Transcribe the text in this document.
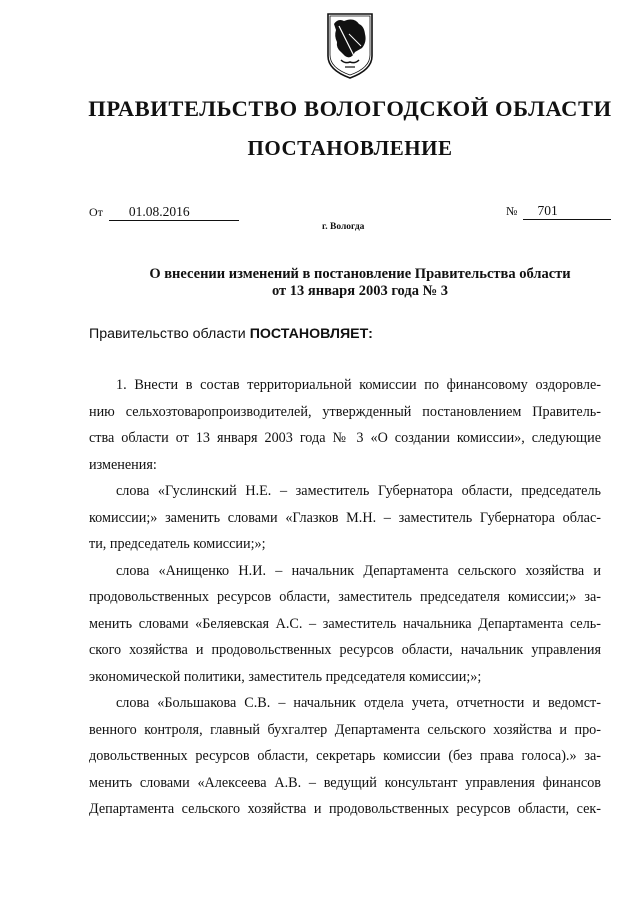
ПРАВИТЕЛЬСТВО ВОЛОГОДСКОЙ ОБЛАСТИ
ПОСТАНОВЛЕНИЕ
От 01.08.2016	№ 701
г. Вологда
О внесении изменений в постановление Правительства области
от 13 января 2003 года № 3
Правительство области ПОСТАНОВЛЯЕТ:
1. Внести в состав территориальной комиссии по финансовому оздоровле-
нию сельхозтоваропроизводителей, утвержденный постановлением Правитель-
ства области от 13 января 2003 года № 3 «О создании комиссии», следующие
изменения:
слова «Гуслинский Н.Е. – заместитель Губернатора области, председатель
комиссии;» заменить словами «Глазков М.Н. – заместитель Губернатора облас-
ти, председатель комиссии;»;
слова «Анищенко Н.И. – начальник Департамента сельского хозяйства и
продовольственных ресурсов области, заместитель председателя комиссии;» за-
менить словами «Беляевская А.С. – заместитель начальника Департамента сель-
ского хозяйства и продовольственных ресурсов области, начальник управления
экономической политики, заместитель председателя комиссии;»;
слова «Большакова С.В. – начальник отдела учета, отчетности и ведомст-
венного контроля, главный бухгалтер Департамента сельского хозяйства и про-
довольственных ресурсов области, секретарь комиссии (без права голоса).» за-
менить словами «Алексеева А.В. – ведущий консультант управления финансов
Департамента сельского хозяйства и продовольственных ресурсов области, сек-
